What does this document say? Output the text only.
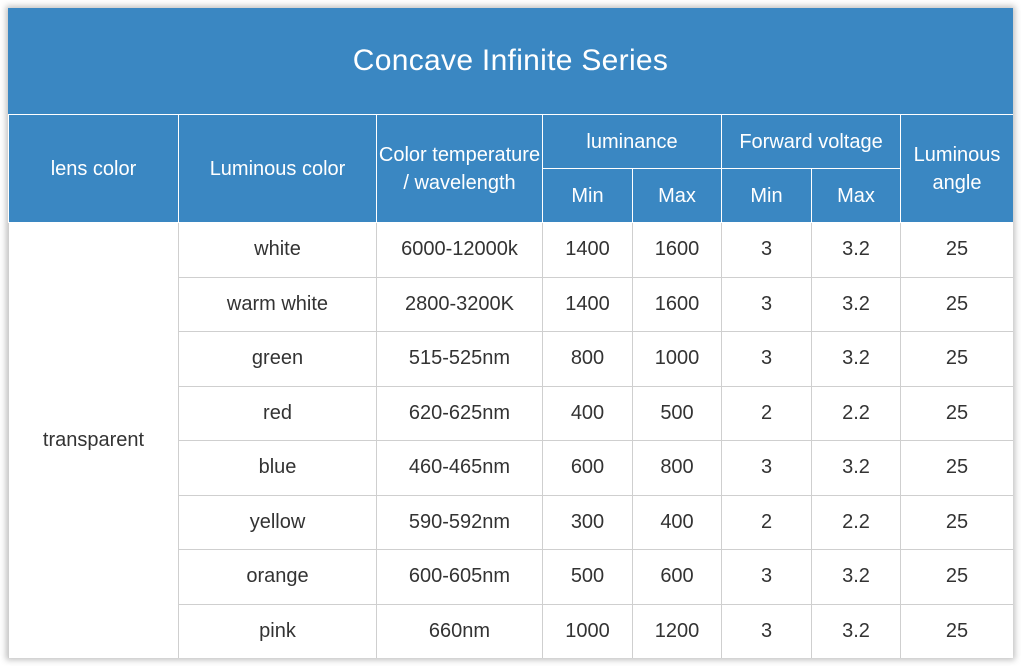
Concave Infinite Series
lens color	Luminous color	Color temperature / wavelength	luminance		Forward voltage		Luminous angle
			Min	Max	Min	Max	
transparent	white	6000-12000k	1400	1600	3	3.2	25
	warm white	2800-3200K	1400	1600	3	3.2	25
	green	515-525nm	800	1000	3	3.2	25
	red	620-625nm	400	500	2	2.2	25
	blue	460-465nm	600	800	3	3.2	25
	yellow	590-592nm	300	400	2	2.2	25
	orange	600-605nm	500	600	3	3.2	25
	pink	660nm	1000	1200	3	3.2	25
